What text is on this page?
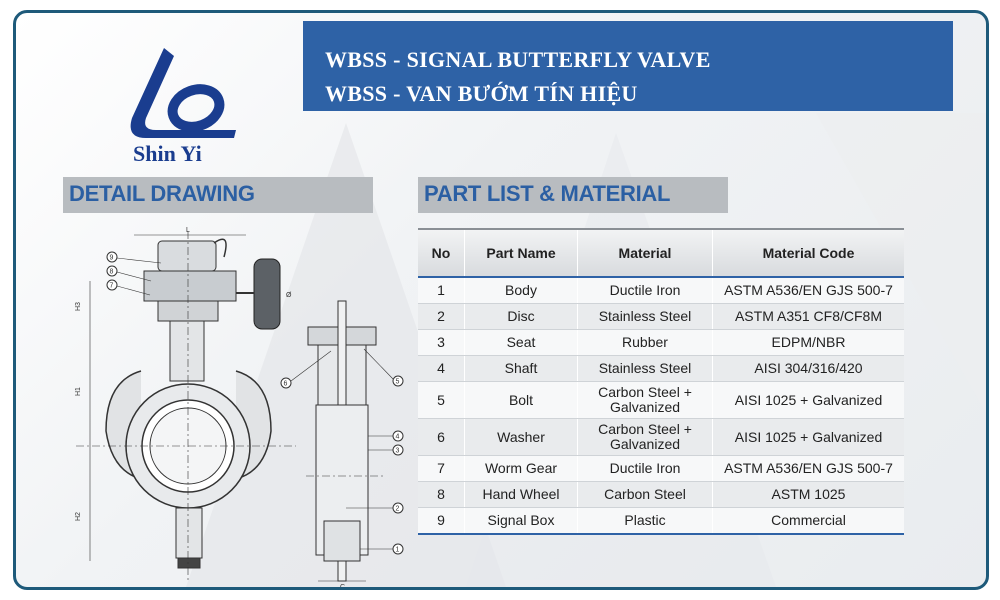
WBSS - SIGNAL BUTTERFLY VALVE
WBSS - VAN BƯỚM TÍN HIỆU
Shin Yi
DETAIL DRAWING	PART LIST & MATERIAL
L
Ø
H3
H1
H2
9
8
7
C
6	5
4
3
2
1
No	Part Name	Material	Material Code
1	Body	Ductile Iron	ASTM A536/EN GJS 500-7
2	Disc	Stainless Steel	ASTM A351 CF8/CF8M
3	Seat	Rubber	EDPM/NBR
4	Shaft	Stainless Steel	AISI 304/316/420
5	Bolt	Carbon Steel + Galvanized	AISI 1025 + Galvanized
6	Washer	Carbon Steel + Galvanized	AISI 1025 + Galvanized
7	Worm Gear	Ductile Iron	ASTM A536/EN GJS 500-7
8	Hand Wheel	Carbon Steel	ASTM 1025
9	Signal Box	Plastic	Commercial
